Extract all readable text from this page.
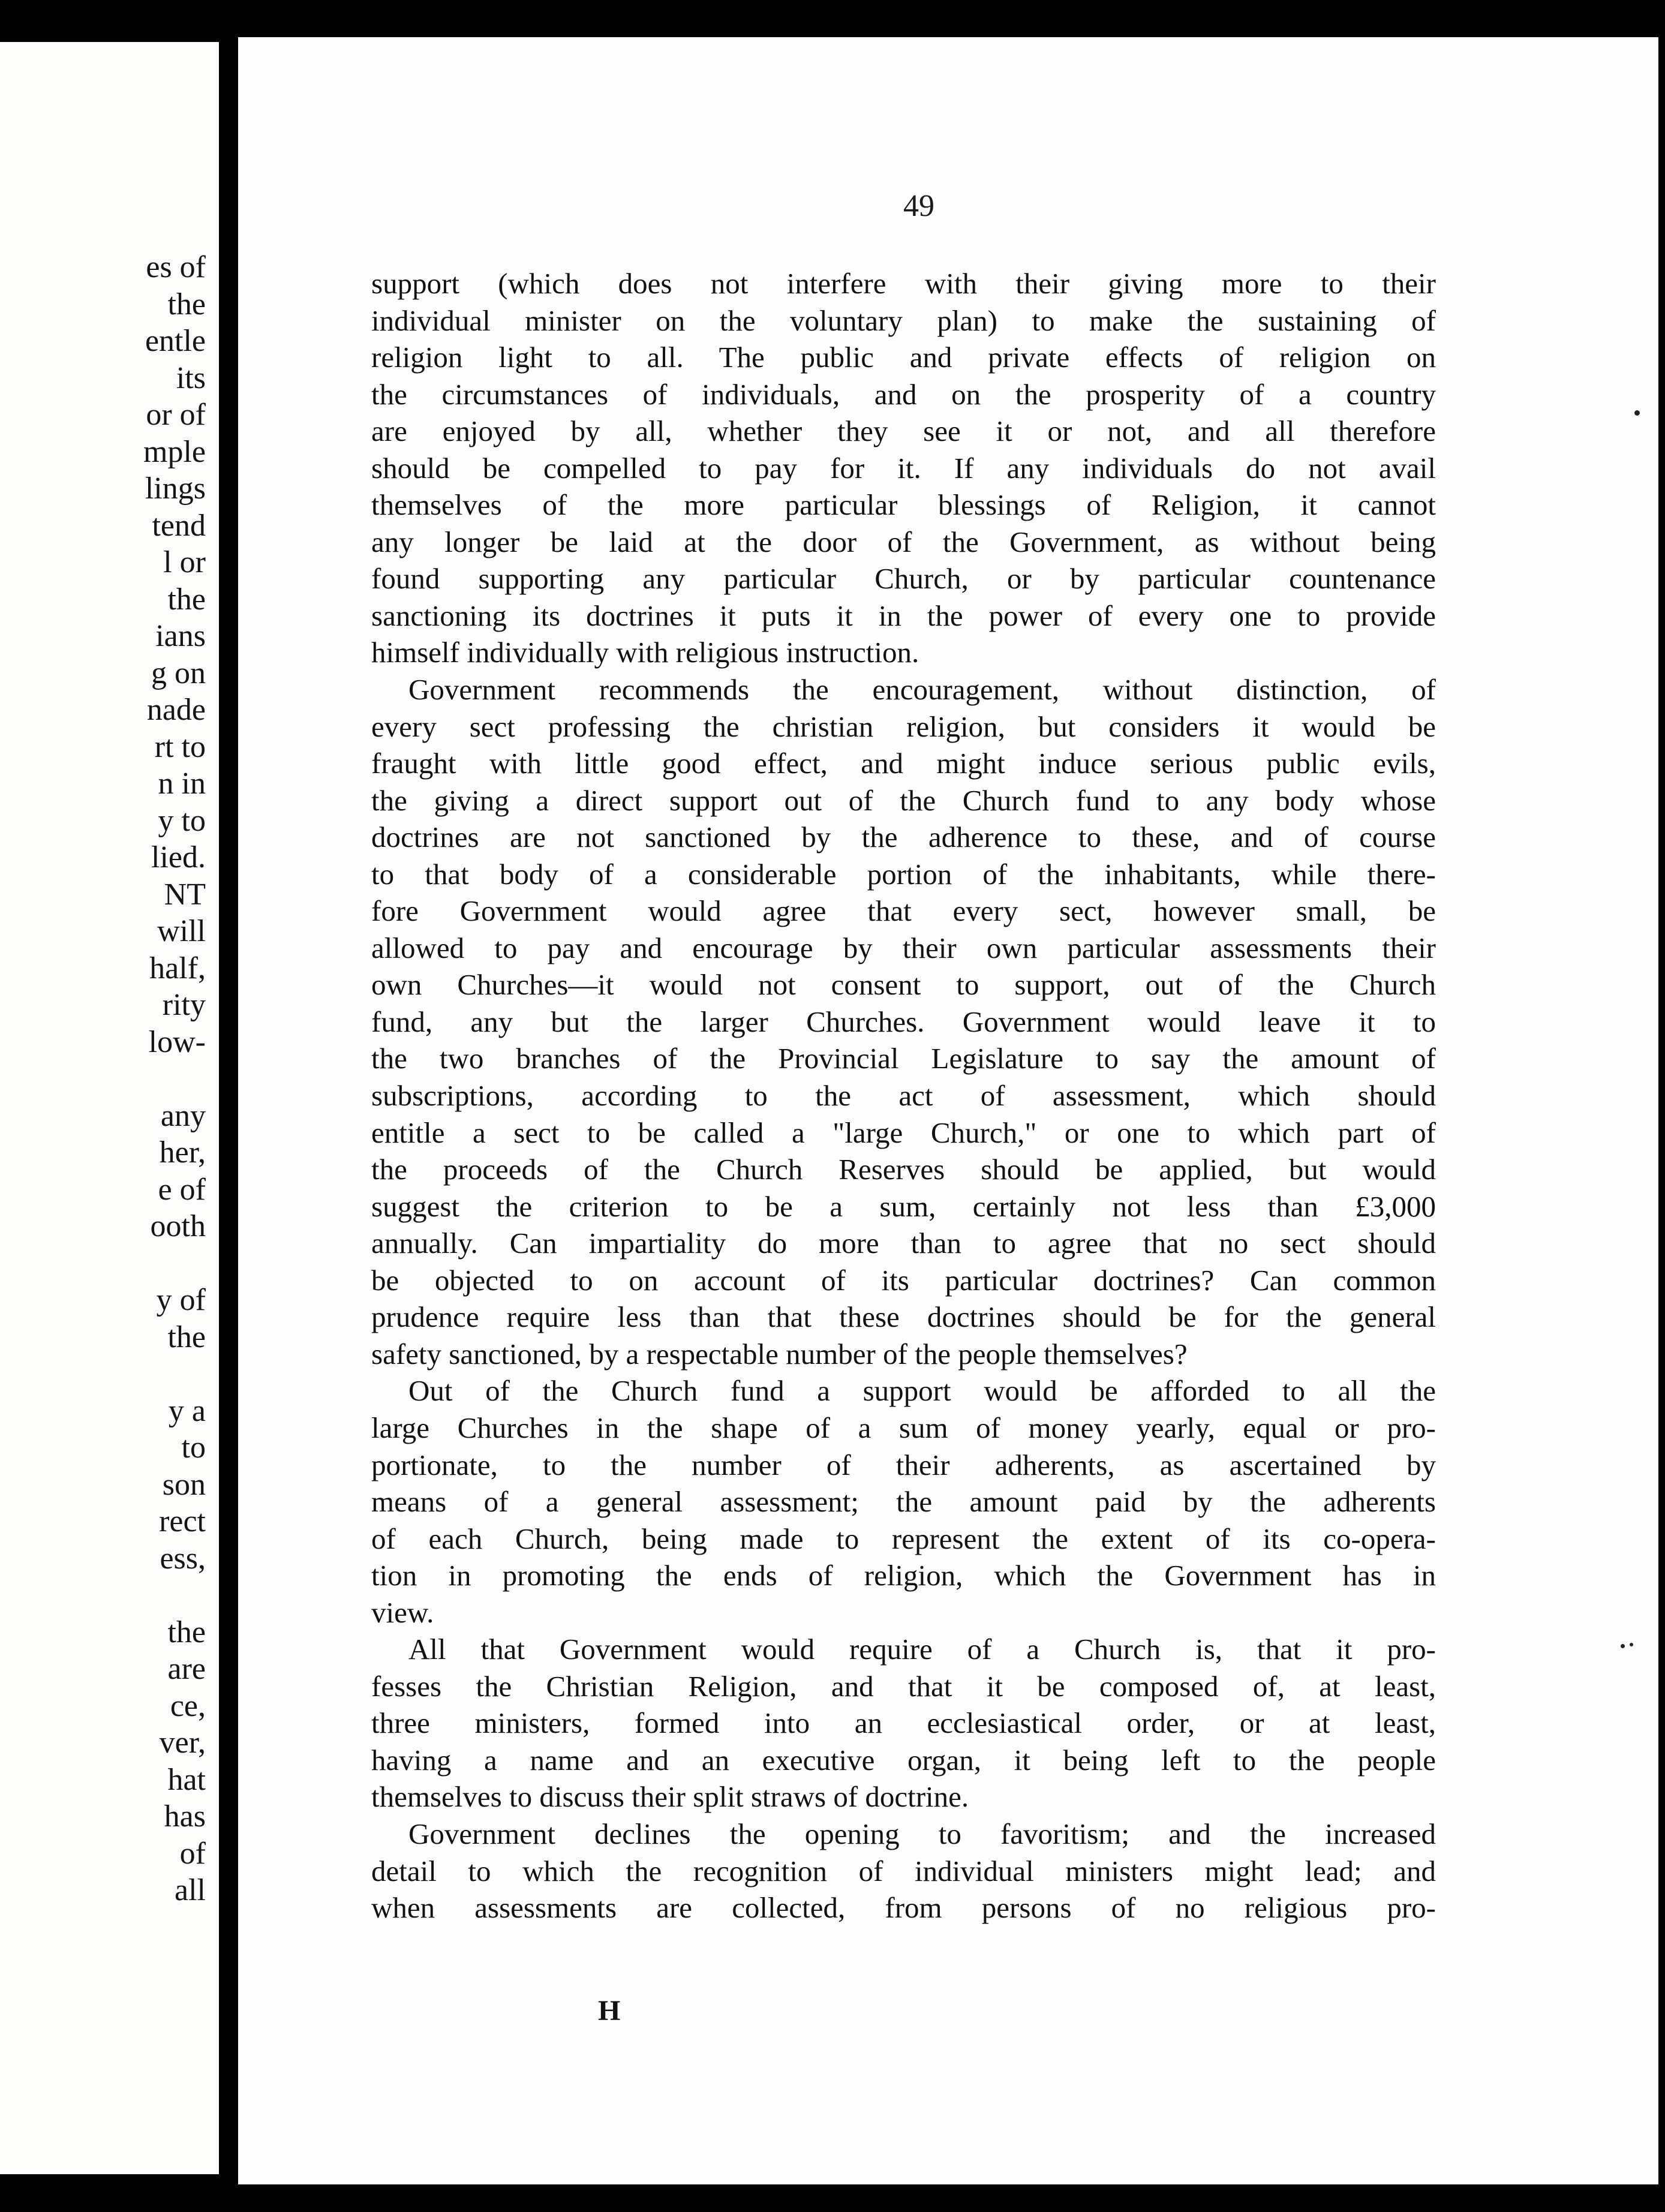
es of
the
entle
its
or of
mple
lings
tend
l or
the
ians
g on
nade
rt to
n in
y to
lied.
NT
will
half,
rity
low-
any
her,
e of
ooth
y of
the
y a
to
son
rect
ess,
the
are
ce,
ver,
hat
has
of
all
49
support (which does not interfere with their giving more to their
individual minister on the voluntary plan) to make the sustaining of
religion light to all. The public and private effects of religion on
the circumstances of individuals, and on the prosperity of a country
are enjoyed by all, whether they see it or not, and all therefore
should be compelled to pay for it. If any individuals do not avail
themselves of the more particular blessings of Religion, it cannot
any longer be laid at the door of the Government, as without being
found supporting any particular Church, or by particular countenance
sanctioning its doctrines it puts it in the power of every one to provide
himself individually with religious instruction.
Government recommends the encouragement, without distinction, of
every sect professing the christian religion, but considers it would be
fraught with little good effect, and might induce serious public evils,
the giving a direct support out of the Church fund to any body whose
doctrines are not sanctioned by the adherence to these, and of course
to that body of a considerable portion of the inhabitants, while there-
fore Government would agree that every sect, however small, be
allowed to pay and encourage by their own particular assessments their
own Churches—it would not consent to support, out of the Church
fund, any but the larger Churches. Government would leave it to
the two branches of the Provincial Legislature to say the amount of
subscriptions, according to the act of assessment, which should
entitle a sect to be called a "large Church," or one to which part of
the proceeds of the Church Reserves should be applied, but would
suggest the criterion to be a sum, certainly not less than £3,000
annually. Can impartiality do more than to agree that no sect should
be objected to on account of its particular doctrines? Can common
prudence require less than that these doctrines should be for the general
safety sanctioned, by a respectable number of the people themselves?
Out of the Church fund a support would be afforded to all the
large Churches in the shape of a sum of money yearly, equal or pro-
portionate, to the number of their adherents, as ascertained by
means of a general assessment; the amount paid by the adherents
of each Church, being made to represent the extent of its co-opera-
tion in promoting the ends of religion, which the Government has in
view.
All that Government would require of a Church is, that it pro-
fesses the Christian Religion, and that it be composed of, at least,
three ministers, formed into an ecclesiastical order, or at least,
having a name and an executive organ, it being left to the people
themselves to discuss their split straws of doctrine.
Government declines the opening to favoritism; and the increased
detail to which the recognition of individual ministers might lead; and
when assessments are collected, from persons of no religious pro-
H
